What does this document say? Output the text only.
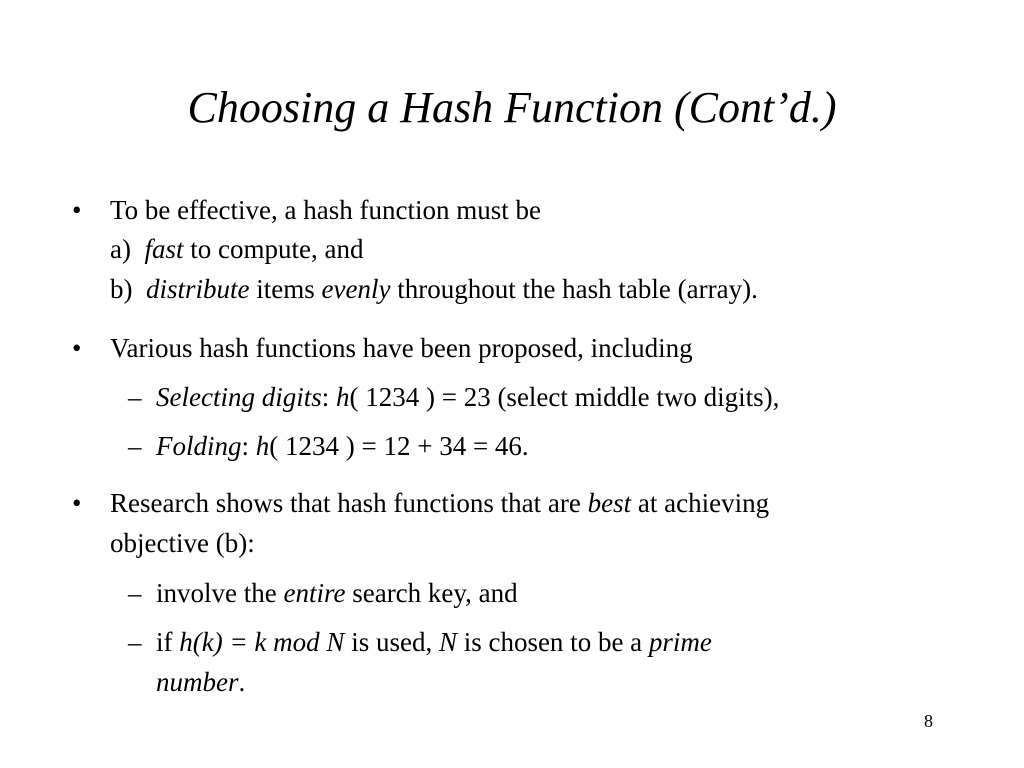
Choosing a Hash Function (Cont’d.)
• To be effective, a hash function must be
a) fast to compute, and
b) distribute items evenly throughout the hash table (array).
• Various hash functions have been proposed, including
– Selecting digits: h( 1234 ) = 23 (select middle two digits),
– Folding: h( 1234 ) = 12 + 34 = 46.
• Research shows that hash functions that are best at achieving
objective (b):
– involve the entire search key, and
– if h(k) = k mod N is used, N is chosen to be a prime
number.
8
